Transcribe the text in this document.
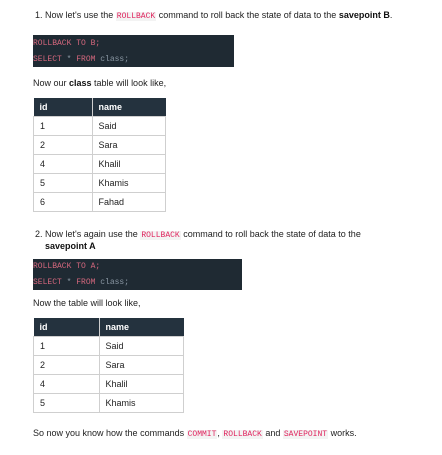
1. Now let's use the ROLLBACK command to roll back the state of data to the savepoint B.
ROLLBACK TO B;
SELECT * FROM class;
Now our class table will look like,
id	name
1	Said
2	Sara
4	Khalil
5	Khamis
6	Fahad
2. Now let's again use the ROLLBACK command to roll back the state of data to the
savepoint A
ROLLBACK TO A;
SELECT * FROM class;
Now the table will look like,
id	name
1	Said
2	Sara
4	Khalil
5	Khamis
So now you know how the commands COMMIT, ROLLBACK and SAVEPOINT works.
